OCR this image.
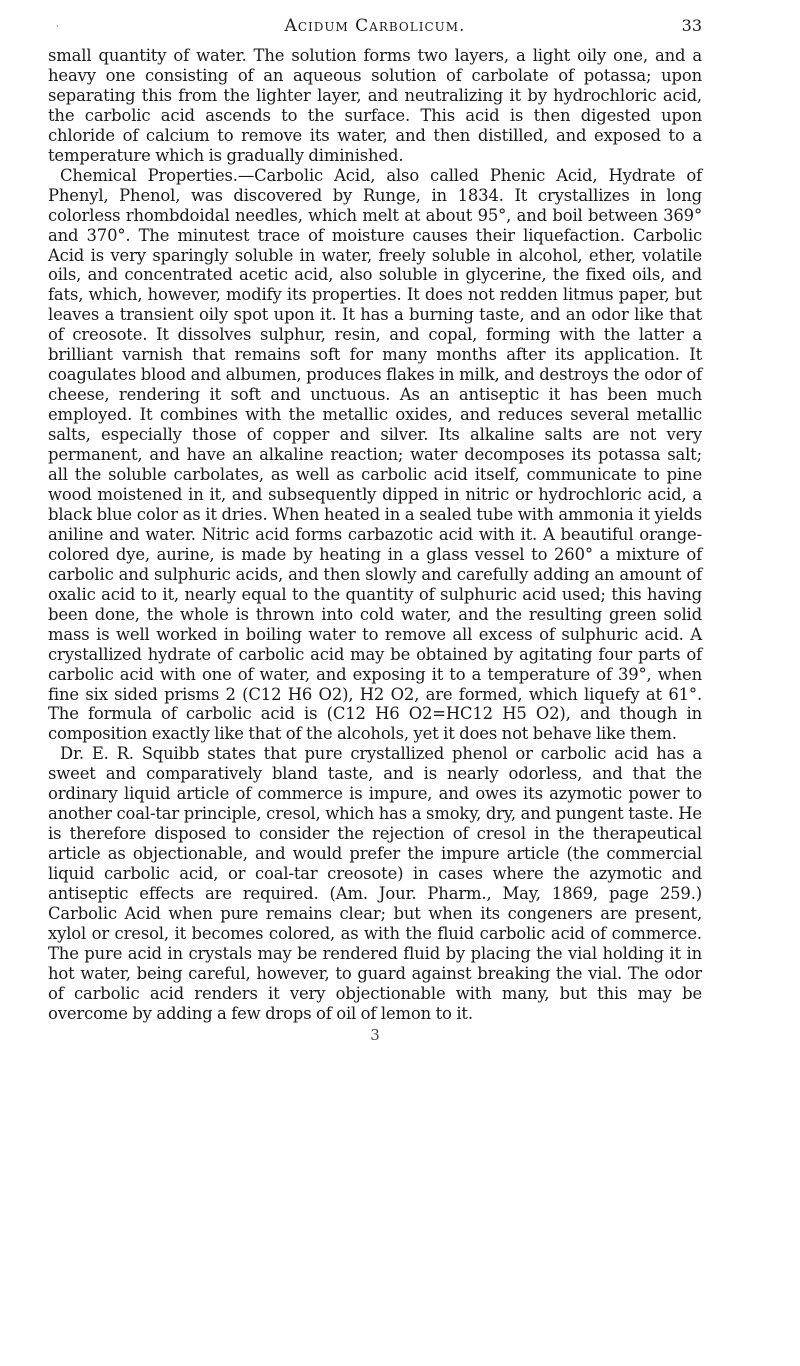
·	Acidum Carbolicum.	33

small quantity of water. The solution forms two layers, a light oily one, and a heavy one consisting of an aqueous solution of carbolate of potassa; upon separating this from the lighter layer, and neutralizing it by hydrochloric acid, the carbolic acid ascends to the surface. This acid is then digested upon chloride of calcium to remove its water, and then distilled, and exposed to a temperature which is gradually diminished.

Chemical Properties.—Carbolic Acid, also called Phenic Acid, Hydrate of Phenyl, Phenol, was discovered by Runge, in 1834. It crystallizes in long colorless rhombdoidal needles, which melt at about 95°, and boil between 369° and 370°. The minutest trace of moisture causes their liquefaction. Carbolic Acid is very sparingly soluble in water, freely soluble in alcohol, ether, volatile oils, and concentrated acetic acid, also soluble in glycerine, the fixed oils, and fats, which, however, modify its properties. It does not redden litmus paper, but leaves a transient oily spot upon it. It has a burning taste, and an odor like that of creosote. It dissolves sulphur, resin, and copal, forming with the latter a brilliant varnish that remains soft for many months after its application. It coagulates blood and albumen, produces flakes in milk, and destroys the odor of cheese, rendering it soft and unctuous. As an antiseptic it has been much employed. It combines with the metallic oxides, and reduces several metallic salts, especially those of copper and silver. Its alkaline salts are not very permanent, and have an alkaline reaction; water decomposes its potassa salt; all the soluble carbolates, as well as carbolic acid itself, communicate to pine wood moistened in it, and subsequently dipped in nitric or hydrochloric acid, a black blue color as it dries. When heated in a sealed tube with ammonia it yields aniline and water. Nitric acid forms carbazotic acid with it. A beautiful orange-colored dye, aurine, is made by heating in a glass vessel to 260° a mixture of carbolic and sulphuric acids, and then slowly and carefully adding an amount of oxalic acid to it, nearly equal to the quantity of sulphuric acid used; this having been done, the whole is thrown into cold water, and the resulting green solid mass is well worked in boiling water to remove all excess of sulphuric acid. A crystallized hydrate of carbolic acid may be obtained by agitating four parts of carbolic acid with one of water, and exposing it to a temperature of 39°, when fine six sided prisms 2 (C12 H6 O2), H2 O2, are formed, which liquefy at 61°. The formula of carbolic acid is (C12 H6 O2=HC12 H5 O2), and though in composition exactly like that of the alcohols, yet it does not behave like them.

Dr. E. R. Squibb states that pure crystallized phenol or carbolic acid has a sweet and comparatively bland taste, and is nearly odorless, and that the ordinary liquid article of commerce is impure, and owes its azymotic power to another coal-tar principle, cresol, which has a smoky, dry, and pungent taste. He is therefore disposed to consider the rejection of cresol in the therapeutical article as objectionable, and would prefer the impure article (the commercial liquid carbolic acid, or coal-tar creosote) in cases where the azymotic and antiseptic effects are required. (Am. Jour. Pharm., May, 1869, page 259.) Carbolic Acid when pure remains clear; but when its congeners are present, xylol or cresol, it becomes colored, as with the fluid carbolic acid of commerce. The pure acid in crystals may be rendered fluid by placing the vial holding it in hot water, being careful, however, to guard against breaking the vial. The odor of carbolic acid renders it very objectionable with many, but this may be overcome by adding a few drops of oil of lemon to it.

3
